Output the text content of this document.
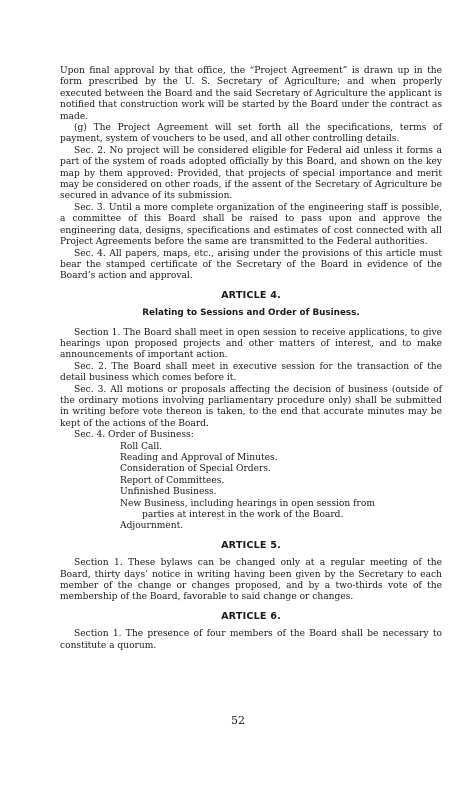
Upon final approval by that office, the “Project Agreement” is drawn up in the form prescribed by the U. S. Secretary of Agriculture; and when properly executed between the Board and the said Secretary of Agriculture the applicant is notified that construction work will be started by the Board under the contract as made.

(g) The Project Agreement will set forth all the specifications, terms of payment, system of vouchers to be used, and all other controlling details.

Sec. 2. No project will be considered eligible for Federal aid unless it forms a part of the system of roads adopted officially by this Board, and shown on the key map by them approved: Provided, that projects of special importance and merit may be considered on other roads, if the assent of the Secretary of Agriculture be secured in advance of its submission.

Sec. 3. Until a more complete organization of the engineering staff is possible, a committee of this Board shall be raised to pass upon and approve the engineering data, designs, specifications and estimates of cost connected with all Project Agreements before the same are transmitted to the Federal authorities.

Sec. 4. All papers, maps, etc., arising under the provisions of this article must bear the stamped certificate of the Secretary of the Board in evidence of the Board’s action and approval.

ARTICLE 4.
Relating to Sessions and Order of Business.

Section 1. The Board shall meet in open session to receive applications, to give hearings upon proposed projects and other matters of interest, and to make announcements of important action.

Sec. 2. The Board shall meet in executive session for the transaction of the detail business which comes before it.

Sec. 3. All motions or proposals affecting the decision of business (outside of the ordinary motions involving parliamentary procedure only) shall be submitted in writing before vote thereon is taken, to the end that accurate minutes may be kept of the actions of the Board.

Sec. 4. Order of Business:

Roll Call.
Reading and Approval of Minutes.
Consideration of Special Orders.
Report of Committees.
Unfinished Business.
New Business, including hearings in open session from
parties at interest in the work of the Board.
Adjournment.
ARTICLE 5.

Section 1. These bylaws can be changed only at a regular meeting of the Board, thirty days’ notice in writing having been given by the Secretary to each member of the change or changes proposed, and by a two-thirds vote of the membership of the Board, favorable to said change or changes.

ARTICLE 6.

Section 1. The presence of four members of the Board shall be necessary to constitute a quorum.

52
